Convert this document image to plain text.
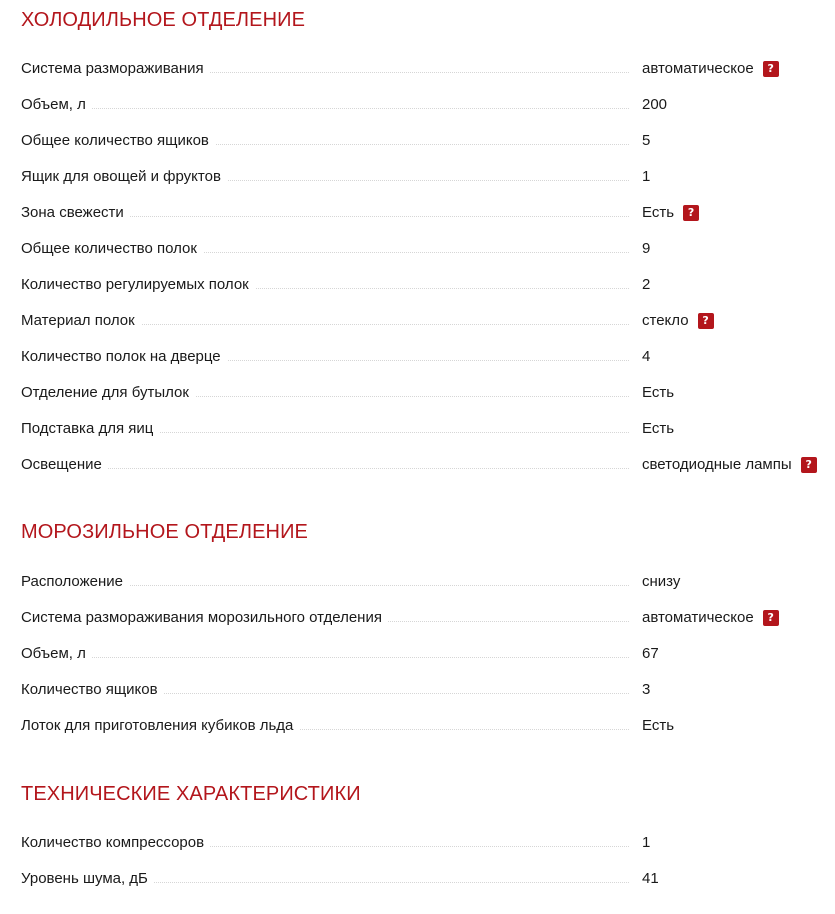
ХОЛОДИЛЬНОЕ ОТДЕЛЕНИЕ
Система размораживания	автоматическое	?
Объем, л	200
Общее количество ящиков	5
Ящик для овощей и фруктов	1
Зона свежести	Есть	?
Общее количество полок	9
Количество регулируемых полок	2
Материал полок	стекло	?
Количество полок на дверце	4
Отделение для бутылок	Есть
Подставка для яиц	Есть
Освещение	светодиодные лампы	?
МОРОЗИЛЬНОЕ ОТДЕЛЕНИЕ
Расположение	снизу
Система размораживания морозильного отделения	автоматическое	?
Объем, л	67
Количество ящиков	3
Лоток для приготовления кубиков льда	Есть
ТЕХНИЧЕСКИЕ ХАРАКТЕРИСТИКИ
Количество компрессоров	1
Уровень шума, дБ	41
